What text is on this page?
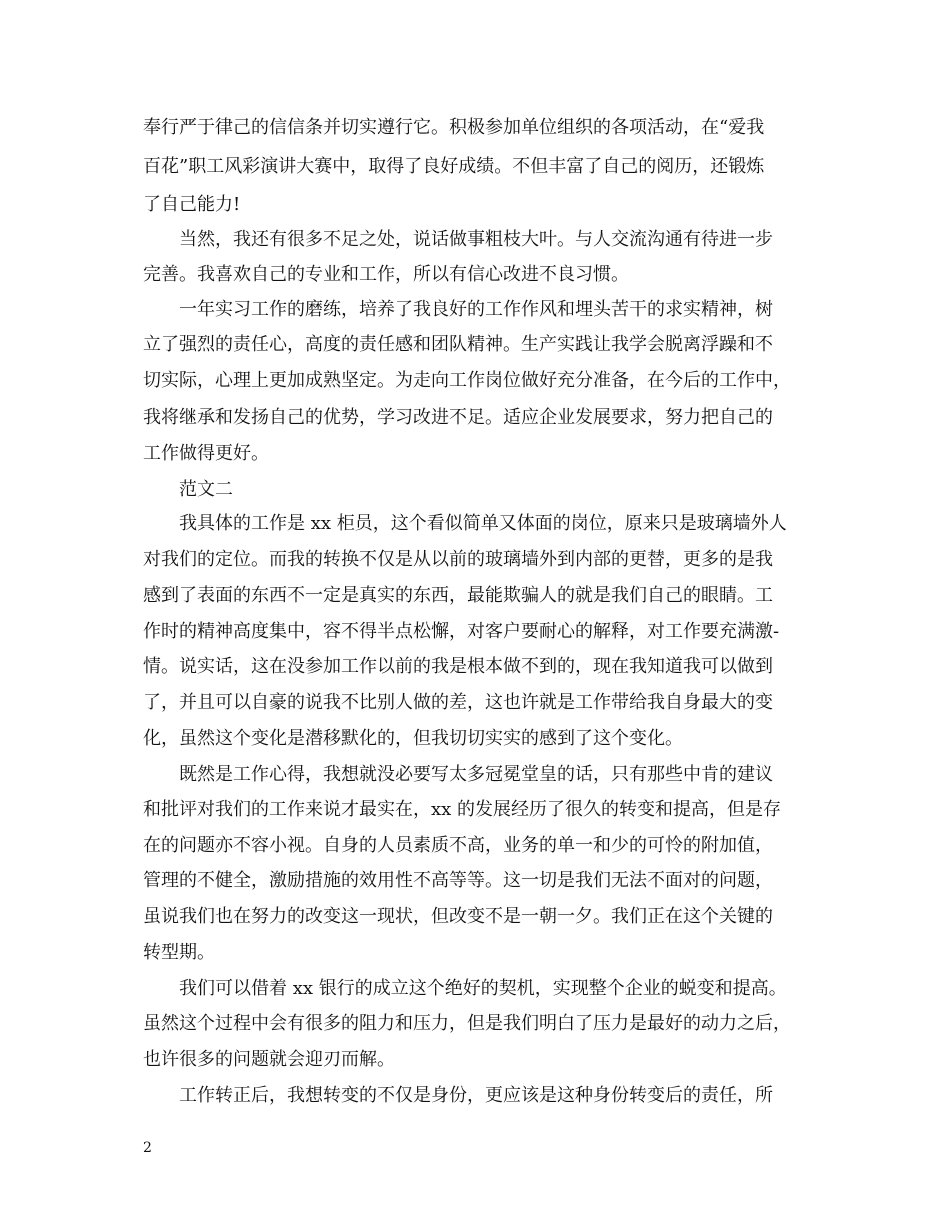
奉行严于律己的信信条并切实遵行它。积极参加单位组织的各项活动，在“爱我

百花”职工风彩演讲大赛中，取得了良好成绩。不但丰富了自己的阅历，还锻炼

了自己能力!

当然，我还有很多不足之处，说话做事粗枝大叶。与人交流沟通有待进一步

完善。我喜欢自己的专业和工作，所以有信心改进不良习惯。

一年实习工作的磨练，培养了我良好的工作作风和埋头苦干的求实精神，树

立了强烈的责任心，高度的责任感和团队精神。生产实践让我学会脱离浮躁和不

切实际，心理上更加成熟坚定。为走向工作岗位做好充分准备，在今后的工作中，

我将继承和发扬自己的优势，学习改进不足。适应企业发展要求，努力把自己的

工作做得更好。

范文二

我具体的工作是 xx 柜员，这个看似简单又体面的岗位，原来只是玻璃墙外人

对我们的定位。而我的转换不仅是从以前的玻璃墙外到内部的更替，更多的是我

感到了表面的东西不一定是真实的东西，最能欺骗人的就是我们自己的眼睛。工

作时的精神高度集中，容不得半点松懈，对客户要耐心的解释，对工作要充满激-

情。说实话，这在没参加工作以前的我是根本做不到的，现在我知道我可以做到

了，并且可以自豪的说我不比别人做的差，这也许就是工作带给我自身最大的变

化，虽然这个变化是潜移默化的，但我切切实实的感到了这个变化。

既然是工作心得，我想就没必要写太多冠冕堂皇的话，只有那些中肯的建议

和批评对我们的工作来说才最实在，xx 的发展经历了很久的转变和提高，但是存

在的问题亦不容小视。自身的人员素质不高，业务的单一和少的可怜的附加值，

管理的不健全，激励措施的效用性不高等等。这一切是我们无法不面对的问题，

虽说我们也在努力的改变这一现状，但改变不是一朝一夕。我们正在这个关键的

转型期。

我们可以借着 xx 银行的成立这个绝好的契机，实现整个企业的蜕变和提高。

虽然这个过程中会有很多的阻力和压力，但是我们明白了压力是最好的动力之后，

也许很多的问题就会迎刃而解。

工作转正后，我想转变的不仅是身份，更应该是这种身份转变后的责任，所

2
